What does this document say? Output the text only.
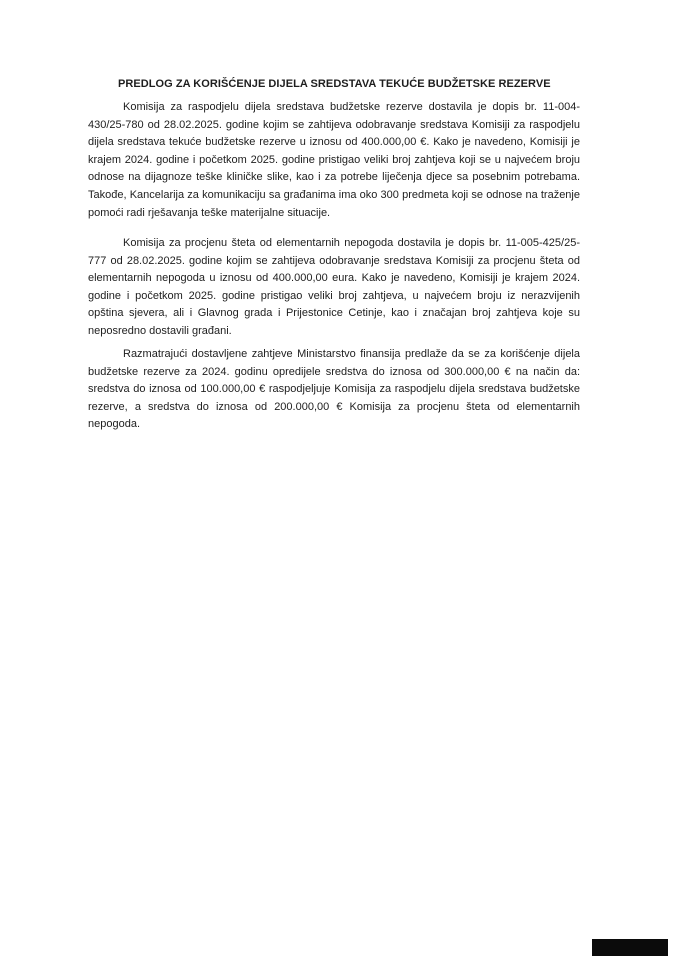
PREDLOG ZA KORIŠĆENJE DIJELA SREDSTAVA TEKUĆE BUDŽETSKE REZERVE

Komisija za raspodjelu dijela sredstava budžetske rezerve dostavila je dopis br. 11-004-430/25-780 od 28.02.2025. godine kojim se zahtijeva odobravanje sredstava Komisiji za raspodjelu dijela sredstava tekuće budžetske rezerve u iznosu od 400.000,00 €. Kako je navedeno, Komisiji je krajem 2024. godine i početkom 2025. godine pristigao veliki broj zahtjeva koji se u najvećem broju odnose na dijagnoze teške kliničke slike, kao i za potrebe liječenja djece sa posebnim potrebama. Takođe, Kancelarija za komunikaciju sa građanima ima oko 300 predmeta koji se odnose na traženje pomoći radi rješavanja teške materijalne situacije.

Komisija za procjenu šteta od elementarnih nepogoda dostavila je dopis br. 11-005-425/25-777 od 28.02.2025. godine kojim se zahtijeva odobravanje sredstava Komisiji za procjenu šteta od elementarnih nepogoda u iznosu od 400.000,00 eura. Kako je navedeno, Komisiji je krajem 2024. godine i početkom 2025. godine pristigao veliki broj zahtjeva, u najvećem broju iz nerazvijenih opština sjevera, ali i Glavnog grada i Prijestonice Cetinje, kao i značajan broj zahtjeva koje su neposredno dostavili građani.

Razmatrajući dostavljene zahtjeve Ministarstvo finansija predlaže da se za korišćenje dijela budžetske rezerve za 2024. godinu opredijele sredstva do iznosa od 300.000,00 € na način da: sredstva do iznosa od 100.000,00 € raspodjeljuje Komisija za raspodjelu dijela sredstava budžetske rezerve, a sredstva do iznosa od 200.000,00 € Komisija za procjenu šteta od elementarnih nepogoda.
